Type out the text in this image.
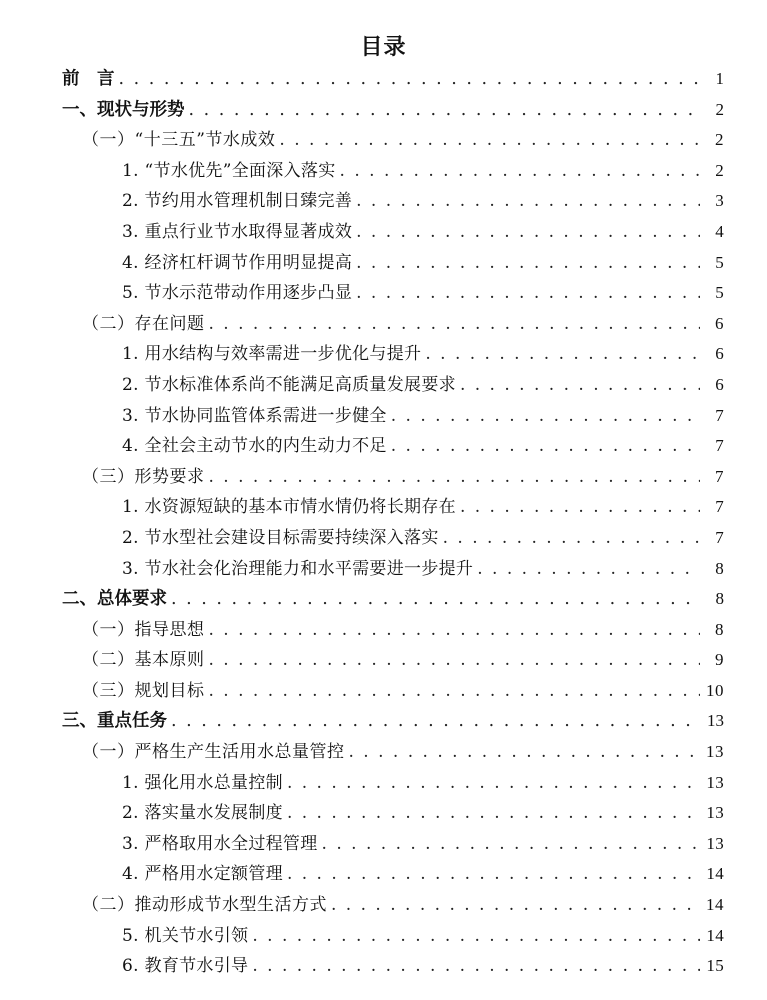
目录
前　言 . . .	1
一、现状与形势 . . .	2
（一）“十三五”节水成效 . . .	2
1. “节水优先”全面深入落实 . . .	2
2. 节约用水管理机制日臻完善 . . .	3
3. 重点行业节水取得显著成效 . . .	4
4. 经济杠杆调节作用明显提高 . . .	5
5. 节水示范带动作用逐步凸显 . . .	5
（二）存在问题 . . .	6
1. 用水结构与效率需进一步优化与提升 . . .	6
2. 节水标准体系尚不能满足高质量发展要求 . . .	6
3. 节水协同监管体系需进一步健全 . . .	7
4. 全社会主动节水的内生动力不足 . . .	7
（三）形势要求 . . .	7
1. 水资源短缺的基本市情水情仍将长期存在 . . .	7
2. 节水型社会建设目标需要持续深入落实 . . .	7
3. 节水社会化治理能力和水平需要进一步提升 . . .	8
二、总体要求 . . .	8
（一）指导思想 . . .	8
（二）基本原则 . . .	9
（三）规划目标 . . .	10
三、重点任务 . . .	13
（一）严格生产生活用水总量管控 . . .	13
1. 强化用水总量控制 . . .	13
2. 落实量水发展制度 . . .	13
3. 严格取用水全过程管理 . . .	13
4. 严格用水定额管理 . . .	14
（二）推动形成节水型生活方式 . . .	14
5. 机关节水引领 . . .	14
6. 教育节水引导 . . .	15
